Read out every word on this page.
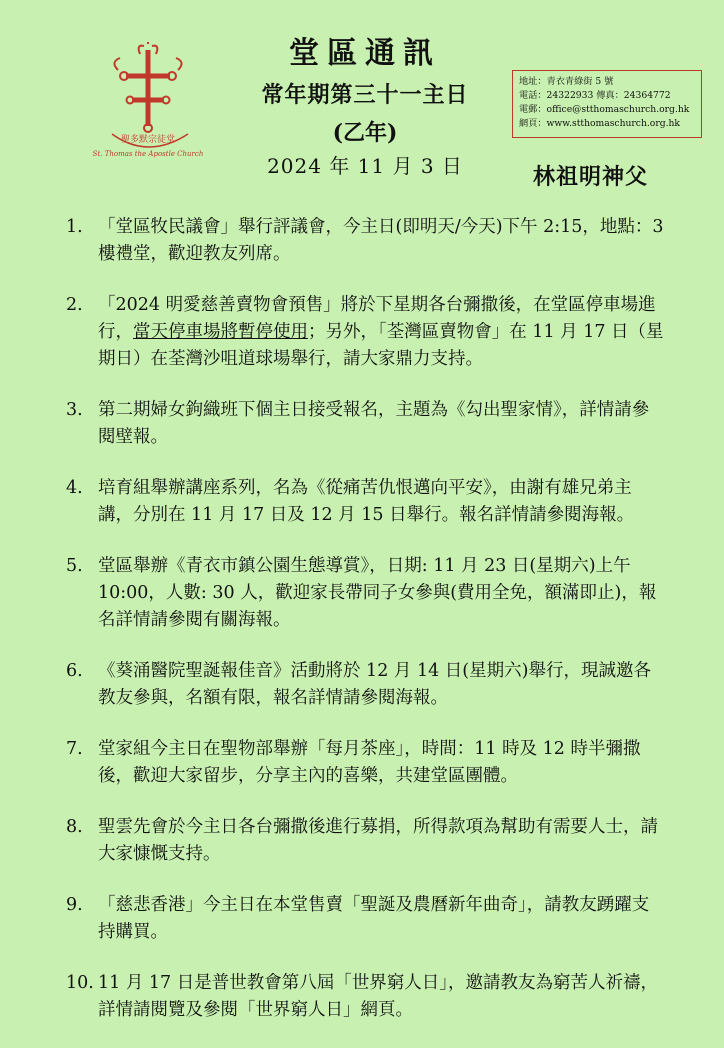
聖多默宗徒堂
St. Thomas the Apostle Church
堂區通訊
常年期第三十一主日
(乙年)
2024 年 11 月 3 日	林祖明神父
地址：青衣青綠街 5 號
電話：24322933 傳真：24364772
電郵：office@stthomaschurch.org.hk
網頁：www.stthomaschurch.org.hk
1. 「堂區牧民議會」舉行評議會，今主日(即明天/今天)下午 2:15，地點：3 樓禮堂，歡迎教友列席。
2. 「2024 明愛慈善賣物會預售」將於下星期各台彌撒後，在堂區停車場進行，當天停車場將暫停使用；另外，「荃灣區賣物會」在 11 月 17 日（星期日）在荃灣沙咀道球場舉行，請大家鼎力支持。
3. 第二期婦女鉤織班下個主日接受報名，主題為《勾出聖家情》，詳情請參閱壁報。
4. 培育組舉辦講座系列，名為《從痛苦仇恨邁向平安》，由謝有雄兄弟主講，分別在 11 月 17 日及 12 月 15 日舉行。報名詳情請參閱海報。
5. 堂區舉辦《青衣市鎮公園生態導賞》，日期: 11 月 23 日(星期六)上午 10:00，人數: 30 人，歡迎家長帶同子女參與(費用全免，額滿即止)，報名詳情請參閱有關海報。
6. 《葵涌醫院聖誕報佳音》活動將於 12 月 14 日(星期六)舉行，現誠邀各教友參與，名額有限，報名詳情請參閱海報。
7. 堂家組今主日在聖物部舉辦「每月茶座」，時間：11 時及 12 時半彌撒後，歡迎大家留步，分享主內的喜樂，共建堂區團體。
8. 聖雲先會於今主日各台彌撒後進行募捐，所得款項為幫助有需要人士，請大家慷慨支持。
9. 「慈悲香港」今主日在本堂售賣「聖誕及農曆新年曲奇」，請教友踴躍支持購買。
10. 11 月 17 日是普世教會第八屆「世界窮人日」，邀請教友為窮苦人祈禱，詳情請閱覽及參閱「世界窮人日」網頁。
